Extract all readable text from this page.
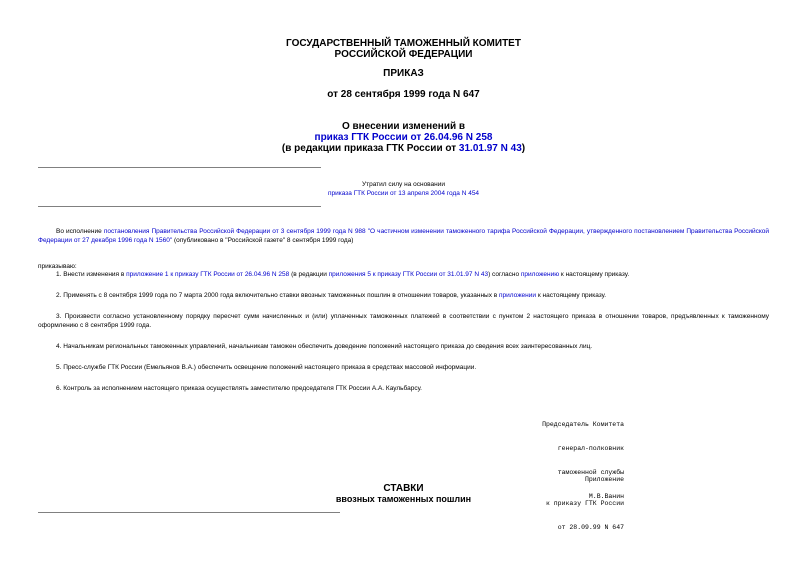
ГОСУДАРСТВЕННЫЙ ТАМОЖЕННЫЙ КОМИТЕТ
РОССИЙСКОЙ ФЕДЕРАЦИИ
ПРИКАЗ
от 28 сентября 1999 года N 647
О внесении изменений в
приказ ГТК России от 26.04.96 N 258
(в редакции приказа ГТК России от 31.01.97 N 43)
Утратил силу на основании
приказа ГТК России от 13 апреля 2004 года N 454
Во исполнение постановления Правительства Российской Федерации от 3 сентября 1999 года N 988 "О частичном изменении таможенного тарифа Российской Федерации, утвержденного постановлением Правительства Российской Федерации от 27 декабря 1996 года N 1560" (опубликовано в "Российской газете" 8 сентября 1999 года)
приказываю:
1. Внести изменения в приложение 1 к приказу ГТК России от 26.04.96 N 258 (в редакции приложения 5 к приказу ГТК России от 31.01.97 N 43) согласно приложению к настоящему приказу.
2. Применять с 8 сентября 1999 года по 7 марта 2000 года включительно ставки ввозных таможенных пошлин в отношении товаров, указанных в приложении к настоящему приказу.
3. Произвести согласно установленному порядку пересчет сумм начисленных и (или) уплаченных таможенных платежей в соответствии с пунктом 2 настоящего приказа в отношении товаров, предъявленных к таможенному оформлению с 8 сентября 1999 года.
4. Начальникам региональных таможенных управлений, начальникам таможен обеспечить доведение положений настоящего приказа до сведения всех заинтересованных лиц.
5. Пресс-службе ГТК России (Емельянов В.А.) обеспечить освещение положений настоящего приказа в средствах массовой информации.
6. Контроль за исполнением настоящего приказа осуществлять заместителю председателя ГТК России А.А. Каульбарсу.

Председатель Комитета

генерал-полковник

таможенной службы

М.В.Ванин

Приложение

к приказу ГТК России

от 28.09.99 N 647

СТАВКИ
ввозных таможенных пошлин
